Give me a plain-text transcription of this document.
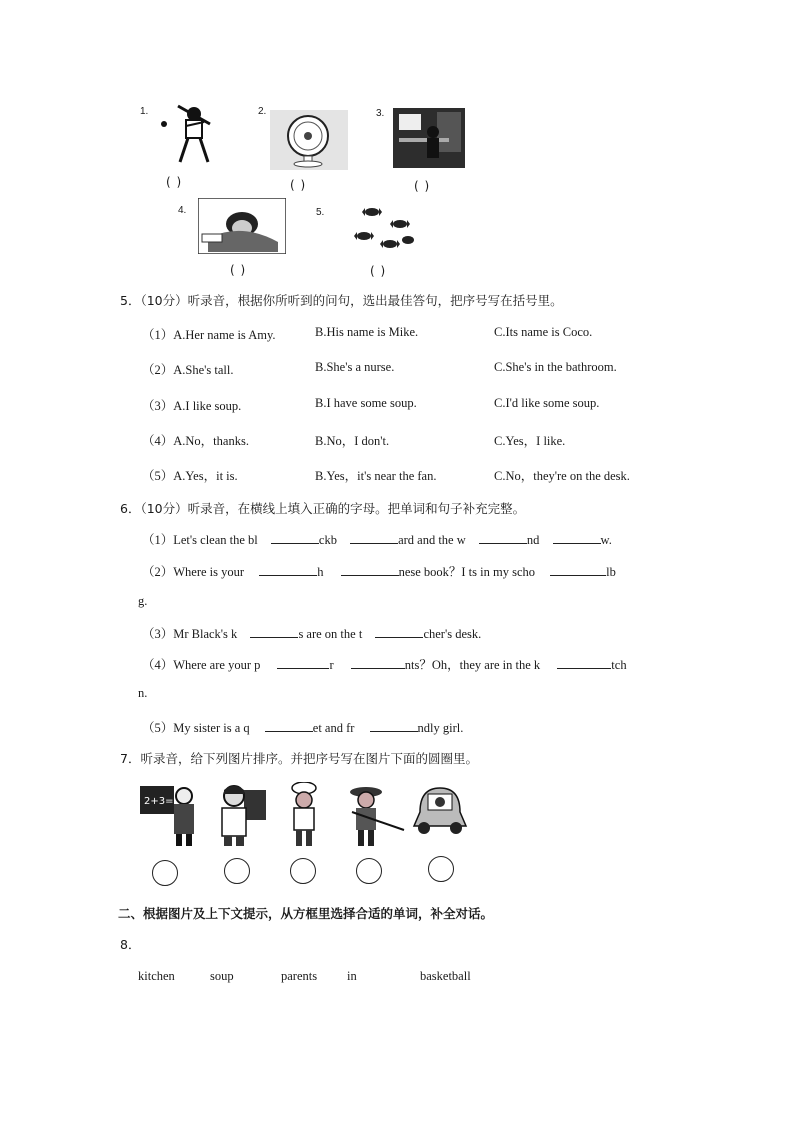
1.
( )
2.
( )
3.
( )
4.
( )
5.
( )
5．（10分）听录音，根据你所听到的问句，选出最佳答句，把序号写在括号里。
（1）A.Her name is Amy.	B.His name is Mike.	C.Its name is Coco.
（2）A.She's tall.	B.She's a nurse.	C.She's in the bathroom.
（3）A.I like soup.	B.I have some soup.	C.I'd like some soup.
（4）A.No，thanks.	B.No，I don't.	C.Yes，I like.
（5）A.Yes，it is.	B.Yes，it's near the fan.	C.No，they're on the desk.
6．（10分）听录音，在横线上填入正确的字母。把单词和句子补充完整。
（1）Let's clean the bl	ckb	ard and the w	nd	w.
（2）Where is your	h	nese book？I ts in my scho	lb
g.
（3）Mr Black's k	s are on the t	cher's desk.
（4）Where are your p	r	nts？Oh，they are in the k	tch
n.
（5）My sister is a q	et and fr	ndly girl.
7．听录音，给下列图片排序。并把序号写在图片下面的圆圈里。
2+3=
二、根据图片及上下文提示，从方框里选择合适的单词，补全对话。
8．
kitchen	soup	parents in	basketball
